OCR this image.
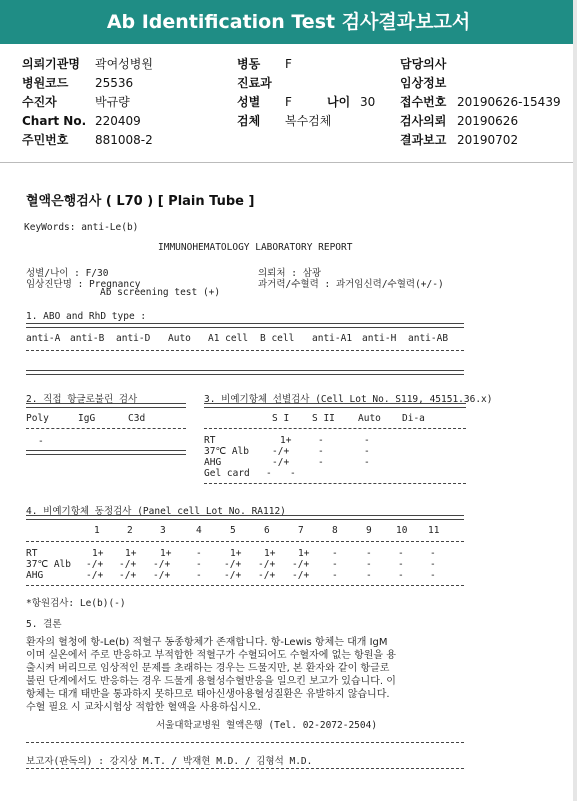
Ab Identification Test 검사결과보고서
의뢰기관명 곽여성병원	병동 F	담당의사
병원코드 25536	진료과	임상정보
수진자	박규량	성별 F	나이 30 접수번호 20190626-15439
Chart No. 220409	검체 복수검체	검사의뢰 20190626
주민번호 881008-2	결과보고 20190702
혈액은행검사 ( L70 ) [ Plain Tube ]
KeyWords: anti-Le(b)
IMMUNOHEMATOLOGY LABORATORY REPORT
성별/나이 : F/30
임상진단명 : Pregnancy
Ab screening test (+)
의뢰처 : 삼광
과거력/수혈력 : 과거임신력/수혈력(+/-)
1. ABO and RhD type :
anti-A anti-B anti-D Auto A1 cell B cell anti-A1 anti-H anti-AB
2. 직접 항글로불린 검사
Poly	IgG	C3d
-
3. 비예기항체 선별검사 (Cell Lot No. S119, 45151.36.x)
S I S II Auto Di-a
RT	1+	-	-
37℃ Alb -/+	-	-
AHG	-/+	-	-
Gel card - -
4. 비예기항체 동정검사 (Panel cell Lot No. RA112)
1	2	3	4	5	6	7	8	9	10 11
RT	1+ 1+ 1+	-	1+ 1+ 1+ -	-	-	-
37℃ Alb -/+ -/+ -/+	- -/+ -/+ -/+ -	-	-	-
AHG	-/+ -/+ -/+	- -/+ -/+ -/+ -	-	-	-
*항원검사: Le(b)(-)
5. 결론
환자의 혈청에 항-Le(b) 적혈구 동종항체가 존재합니다. 항-Lewis 항체는 대개 IgM
이며 실온에서 주로 반응하고 부적합한 적혈구가 수혈되어도 수혈자에 없는 항원을 용
출시켜 버리므로 임상적인 문제를 초래하는 경우는 드물지만, 본 환자와 같이 항글로
불린 단계에서도 반응하는 경우 드물게 용혈성수혈반응을 일으킨 보고가 있습니다. 이
항체는 대개 태반을 통과하지 못하므로 태아신생아용혈성질환은 유발하지 않습니다.
수혈 필요 시 교차시험상 적합한 혈액을 사용하십시오.
서울대학교병원 혈액은행 (Tel. 02-2072-2504)
보고자(판독의) : 강지상 M.T. / 박재현 M.D. / 김형석 M.D.
